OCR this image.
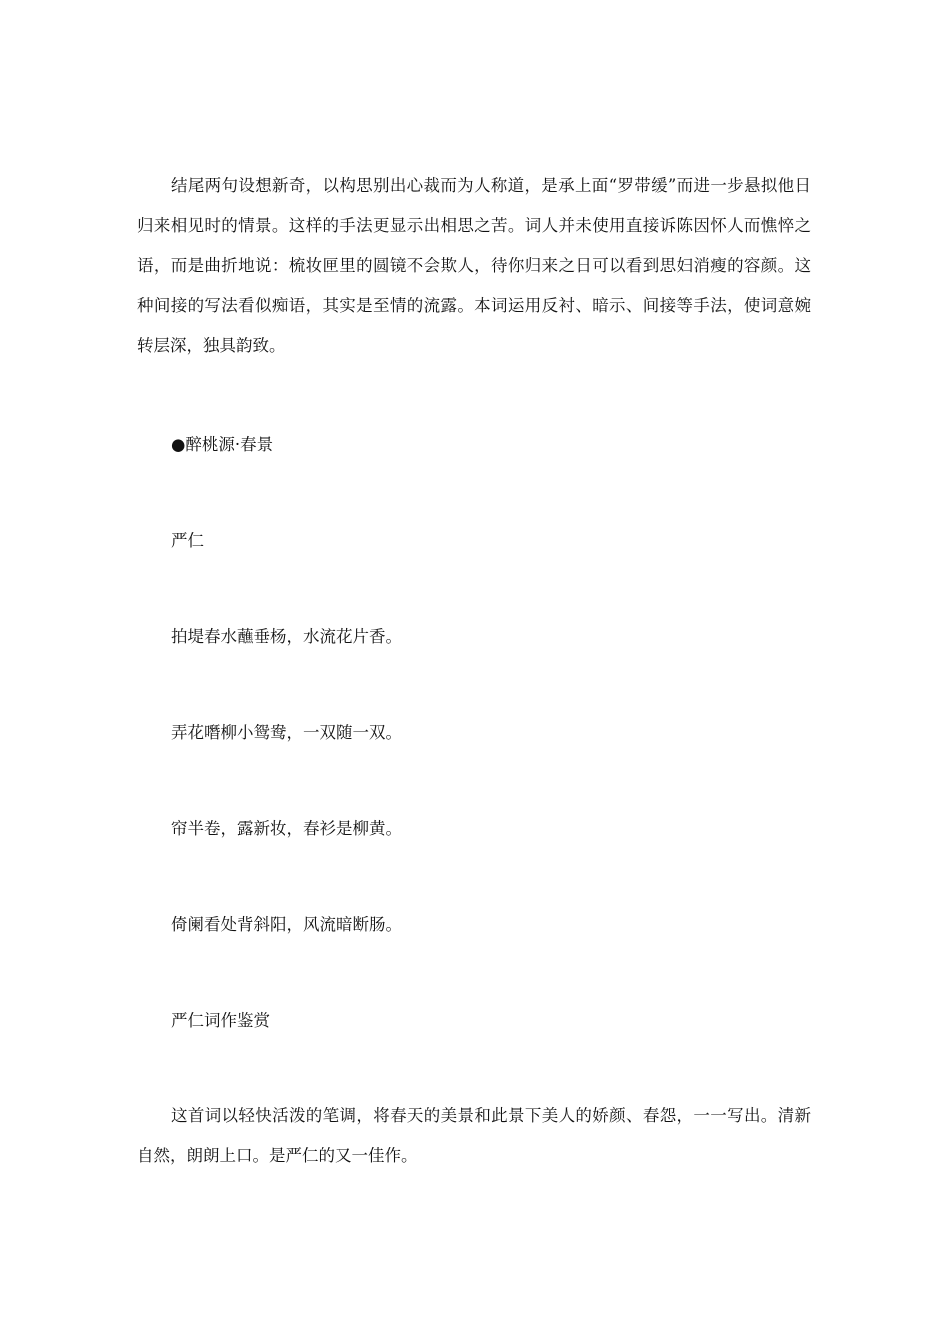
结尾两句设想新奇，以构思别出心裁而为人称道，是承上面“罗带缓”而进一步悬拟他日归来相见时的情景。这样的手法更显示出相思之苦。词人并未使用直接诉陈因怀人而憔悴之语，而是曲折地说：梳妆匣里的圆镜不会欺人，待你归来之日可以看到思妇消瘦的容颜。这种间接的写法看似痴语，其实是至情的流露。本词运用反衬、暗示、间接等手法，使词意婉转层深，独具韵致。

●醉桃源·春景

严仁

拍堤春水蘸垂杨，水流花片香。

弄花噆柳小鸳鸯，一双随一双。

帘半卷，露新妆，春衫是柳黄。

倚阑看处背斜阳，风流暗断肠。

严仁词作鉴赏

这首词以轻快活泼的笔调，将春天的美景和此景下美人的娇颜、春怨，一一写出。清新自然，朗朗上口。是严仁的又一佳作。
